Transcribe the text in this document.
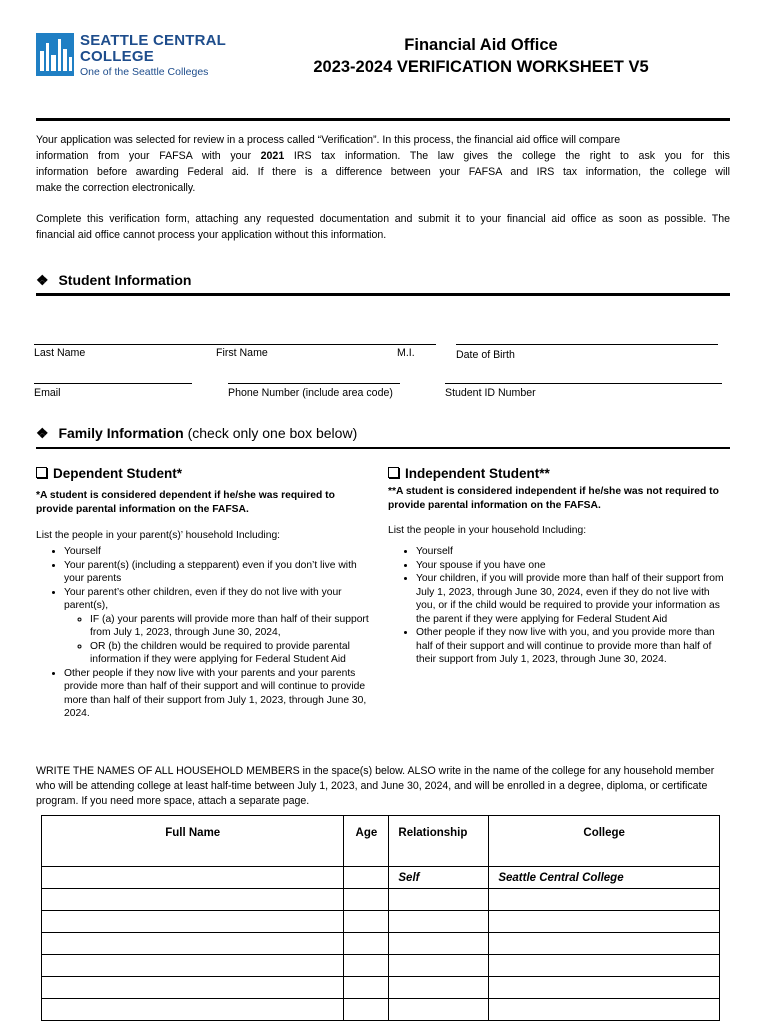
SEATTLE CENTRAL
COLLEGE
One of the Seattle Colleges
Financial Aid Office
2023-2024 VERIFICATION WORKSHEET V5
Your application was selected for review in a process called “Verification”. In this process, the financial aid office will compare
information from your FAFSA with your 2021 IRS tax information. The law gives the college the right to ask you for this
information before awarding Federal aid. If there is a difference between your FAFSA and IRS tax information, the college will
make the correction electronically.
Complete this verification form, attaching any requested documentation and submit it to your financial aid office as soon as possible. The
financial aid office cannot process your application without this information.
❖ Student Information
Last Name	First Name	M.I.	Date of Birth
Email	Phone Number (include area code)	Student ID Number
❖ Family Information (check only one box below)
Dependent Student*
*A student is considered dependent if he/she was required to provide parental information on the FAFSA.
List the people in your parent(s)’ household Including:
• Yourself
• Your parent(s) (including a stepparent) even if you don’t live with your parents
• Your parent’s other children, even if they do not live with your parent(s),
◦ IF (a) your parents will provide more than half of their support from July 1, 2023, through June 30, 2024,
◦ OR (b) the children would be required to provide parental information if they were applying for Federal Student Aid
• Other people if they now live with your parents and your parents provide more than half of their support and will continue to provide more than half of their support from July 1, 2023, through June 30, 2024.
Independent Student**
**A student is considered independent if he/she was not required to provide parental information on the FAFSA.
List the people in your household Including:
• Yourself
• Your spouse if you have one
• Your children, if you will provide more than half of their support from July 1, 2023, through June 30, 2024, even if they do not live with you, or if the child would be required to provide your information as the parent if they were applying for Federal Student Aid
• Other people if they now live with you, and you provide more than half of their support and will continue to provide more than half of their support from July 1, 2023, through June 30, 2024.
WRITE THE NAMES OF ALL HOUSEHOLD MEMBERS in the space(s) below. ALSO write in the name of the college for any household member who will be attending college at least half-time between July 1, 2023, and June 30, 2024, and will be enrolled in a degree, diploma, or certificate program. If you need more space, attach a separate page.
Full Name	Age	Relationship	College
		Self	Seattle Central College
